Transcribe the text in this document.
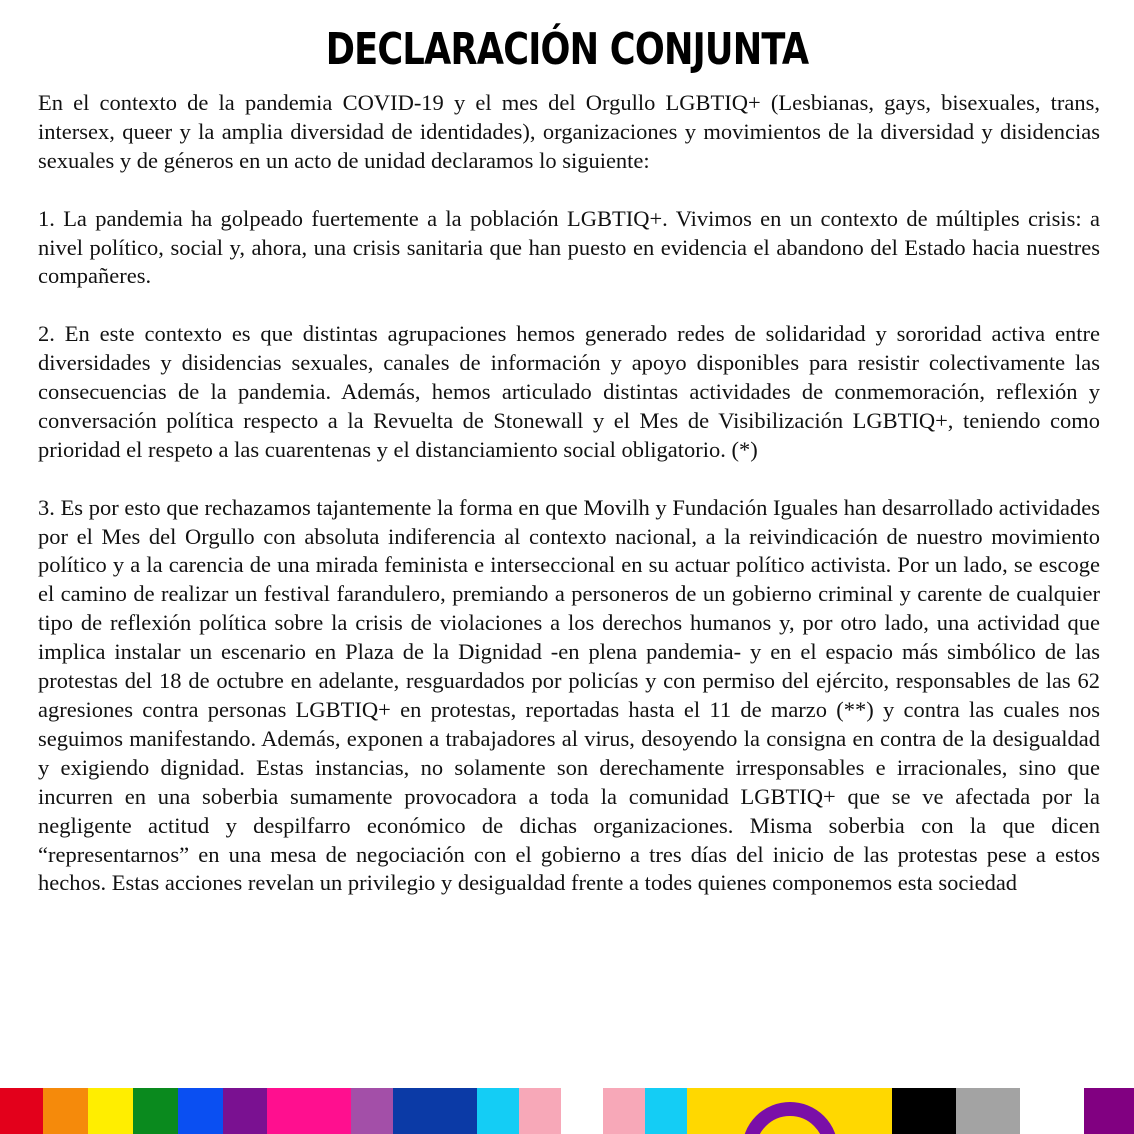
DECLARACIÓN CONJUNTA

En el contexto de la pandemia COVID-19 y el mes del Orgullo LGBTIQ+ (Lesbianas, gays, bisexuales, trans, intersex, queer y la amplia diversidad de identidades), organizaciones y movimientos de la diversidad y disidencias sexuales y de géneros en un acto de unidad declaramos lo siguiente:

1. La pandemia ha golpeado fuertemente a la población LGBTIQ+. Vivimos en un contexto de múltiples crisis: a nivel político, social y, ahora, una crisis sanitaria que han puesto en evidencia el abandono del Estado hacia nuestres compañeres.

2. En este contexto es que distintas agrupaciones hemos generado redes de solidaridad y sororidad activa entre diversidades y disidencias sexuales, canales de información y apoyo disponibles para resistir colectivamente las consecuencias de la pandemia. Además, hemos articulado distintas actividades de conmemoración, reflexión y conversación política respecto a la Revuelta de Stonewall y el Mes de Visibilización LGBTIQ+, teniendo como prioridad el respeto a las cuarentenas y el distanciamiento social obligatorio. (*)

3. Es por esto que rechazamos tajantemente la forma en que Movilh y Fundación Iguales han desarrollado actividades por el Mes del Orgullo con absoluta indiferencia al contexto nacional, a la reivindicación de nuestro movimiento político y a la carencia de una mirada feminista e interseccional en su actuar político activista. Por un lado, se escoge el camino de realizar un festival farandulero, premiando a personeros de un gobierno criminal y carente de cualquier tipo de reflexión política sobre la crisis de violaciones a los derechos humanos y, por otro lado, una actividad que implica instalar un escenario en Plaza de la Dignidad -en plena pandemia- y en el espacio más simbólico de las protestas del 18 de octubre en adelante, resguardados por policías y con permiso del ejército, responsables de las 62 agresiones contra personas LGBTIQ+ en protestas, reportadas hasta el 11 de marzo (**) y contra las cuales nos seguimos manifestando. Además, exponen a trabajadores al virus, desoyendo la consigna en contra de la desigualdad y exigiendo dignidad. Estas instancias, no solamente son derechamente irresponsables e irracionales, sino que incurren en una soberbia sumamente provocadora a toda la comunidad LGBTIQ+ que se ve afectada por la negligente actitud y despilfarro económico de dichas organizaciones. Misma soberbia con la que dicen “representarnos” en una mesa de negociación con el gobierno a tres días del inicio de las protestas pese a estos hechos. Estas acciones revelan un privilegio y desigualdad frente a todes quienes componemos esta sociedad
